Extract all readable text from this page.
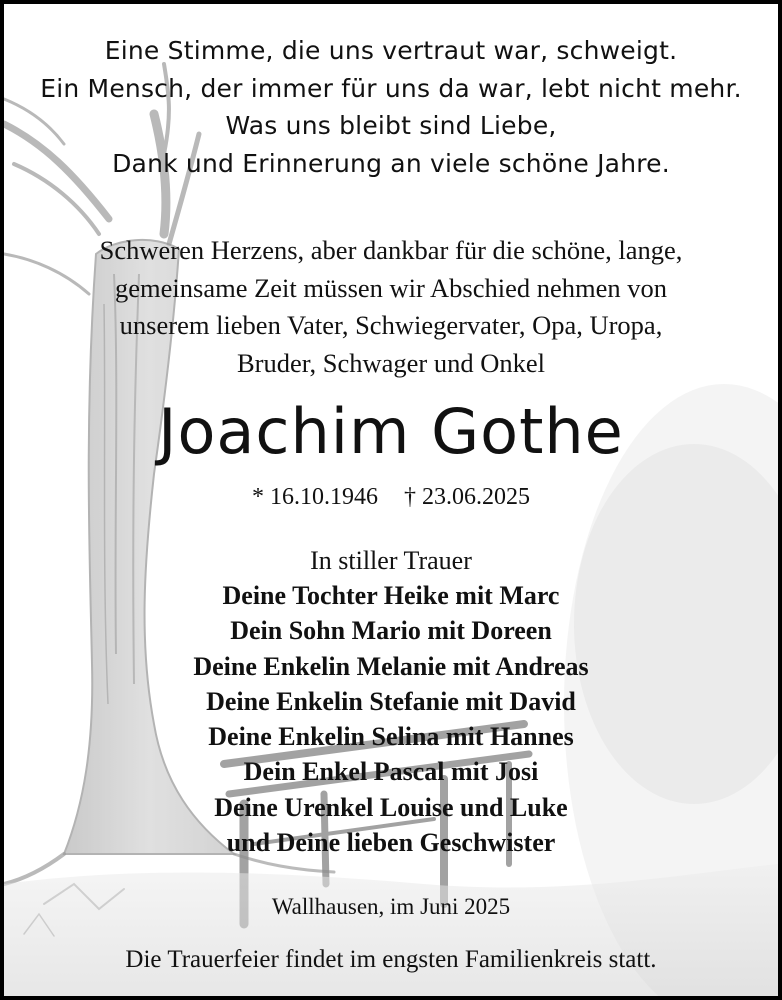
Eine Stimme, die uns vertraut war, schweigt.
Ein Mensch, der immer für uns da war, lebt nicht mehr.
Was uns bleibt sind Liebe,
Dank und Erinnerung an viele schöne Jahre.
Schweren Herzens, aber dankbar für die schöne, lange,
gemeinsame Zeit müssen wir Abschied nehmen von
unserem lieben Vater, Schwiegervater, Opa, Uropa,
Bruder, Schwager und Onkel
Joachim Gothe
* 16.10.1946 † 23.06.2025
In stiller Trauer
Deine Tochter Heike mit Marc
Dein Sohn Mario mit Doreen
Deine Enkelin Melanie mit Andreas
Deine Enkelin Stefanie mit David
Deine Enkelin Selina mit Hannes
Dein Enkel Pascal mit Josi
Deine Urenkel Louise und Luke
und Deine lieben Geschwister
Wallhausen, im Juni 2025
Die Trauerfeier findet im engsten Familienkreis statt.
